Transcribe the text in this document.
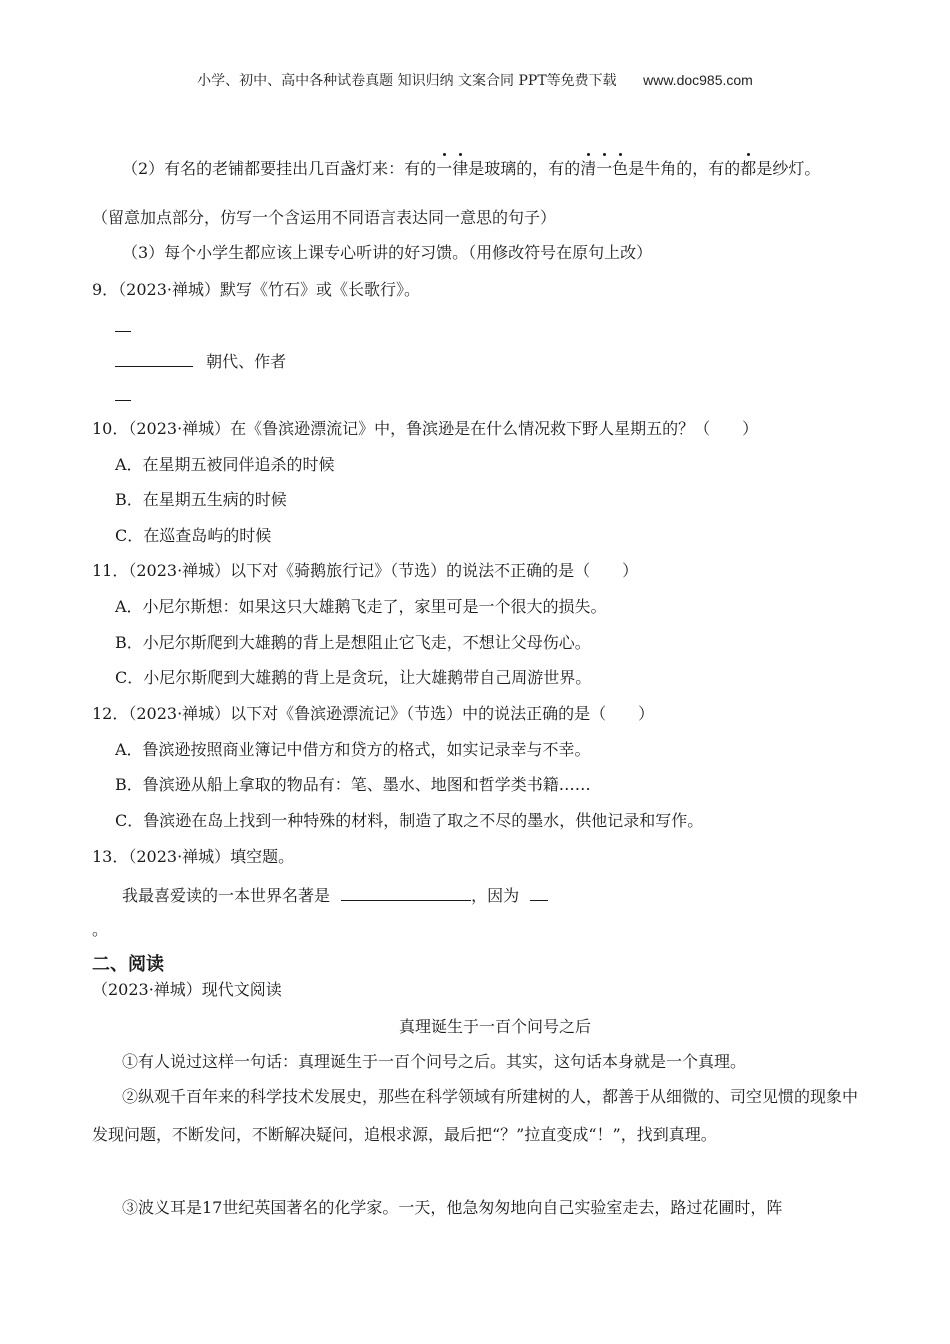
小学、初中、高中各种试卷真题 知识归纳 文案合同 PPT等免费下载 www.doc985.com
（2）有名的老铺都要挂出几百盏灯来：有的一律是玻璃的，有的清一色是牛角的，有的都是纱灯。
（留意加点部分，仿写一个含运用不同语言表达同一意思的句子）
（3）每个小学生都应该上课专心听讲的好习馈。（用修改符号在原句上改）
9．（2023·禅城）默写《竹石》或《长歌行》。
朝代、作者
10．（2023·禅城）在《鲁滨逊漂流记》中，鲁滨逊是在什么情况救下野人星期五的？（　　）
A．在星期五被同伴追杀的时候
B．在星期五生病的时候
C．在巡查岛屿的时候
11．（2023·禅城）以下对《骑鹅旅行记》（节选）的说法不正确的是（　　）
A．小尼尔斯想：如果这只大雄鹅飞走了，家里可是一个很大的损失。
B．小尼尔斯爬到大雄鹅的背上是想阻止它飞走，不想让父母伤心。
C．小尼尔斯爬到大雄鹅的背上是贪玩，让大雄鹅带自己周游世界。
12．（2023·禅城）以下对《鲁滨逊漂流记》（节选）中的说法正确的是（　　）
A．鲁滨逊按照商业簿记中借方和贷方的格式，如实记录幸与不幸。
B．鲁滨逊从船上拿取的物品有：笔、墨水、地图和哲学类书籍……
C．鲁滨逊在岛上找到一种特殊的材料，制造了取之不尽的墨水，供他记录和写作。
13．（2023·禅城）填空题。
我最喜爱读的一本世界名著是	，因为
。
二、阅读
（2023·禅城）现代文阅读
真理诞生于一百个问号之后
①有人说过这样一句话：真理诞生于一百个问号之后。其实，这句话本身就是一个真理。
②纵观千百年来的科学技术发展史，那些在科学领域有所建树的人，都善于从细微的、司空见惯的现象中发现问题，不断发问，不断解决疑问，追根求源，最后把“？”拉直变成“！”，找到真理。
③波义耳是17世纪英国著名的化学家。一天，他急匆匆地向自己实验室走去，路过花圃时，阵
